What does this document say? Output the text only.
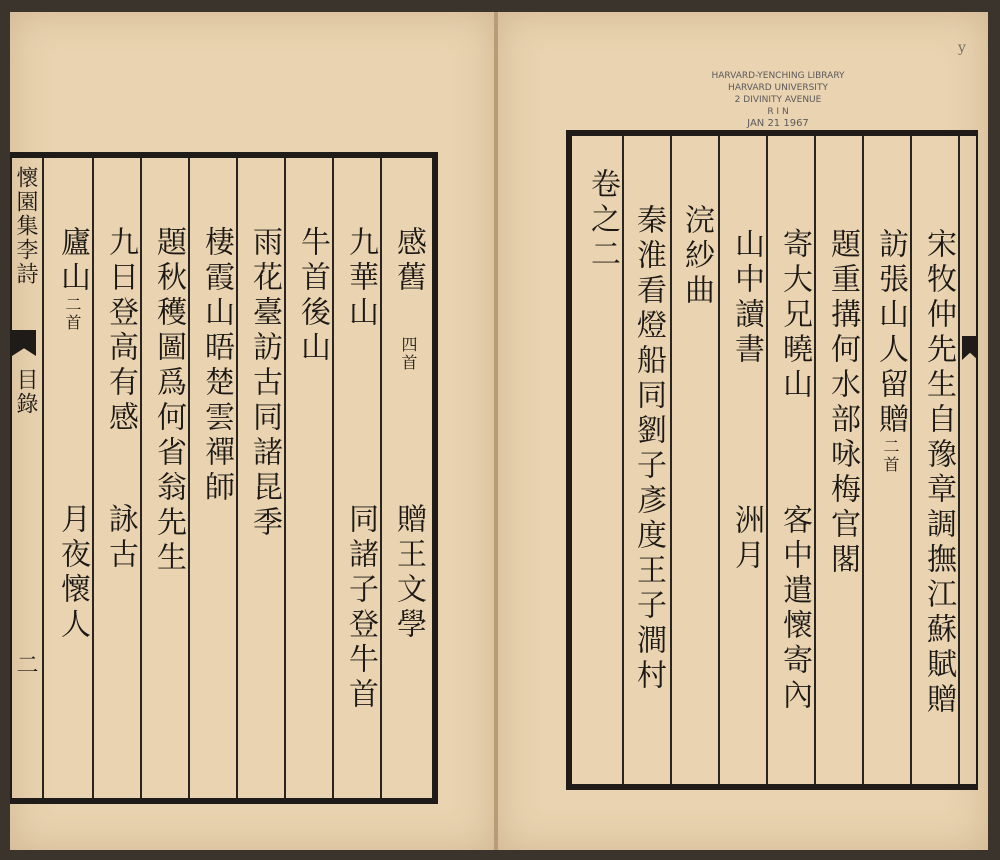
懷園集李詩
目錄
二
廬山二首
月夜懷人
九日登高有感
詠古 題秋穫圖爲何省翁先生 棲霞山晤楚雲禪師 雨花臺訪古同諸昆季 牛首後山 九華山
同諸子登牛首
感舊四首
贈王文學
HARVARD-YENCHING LIBRARY
HARVARD UNIVERSITY
2 DIVINITY AVENUE
R I N
JAN 21 1967
y
卷之二 秦淮看燈船同劉子彥度王子澗村 浣紗曲 山中讀書
洲月
寄大兄曉山
客中遣懷寄內
題重搆何水部咏梅官閣 訪張山人留贈二首 宋牧仲先生自豫章調撫江蘇賦贈
